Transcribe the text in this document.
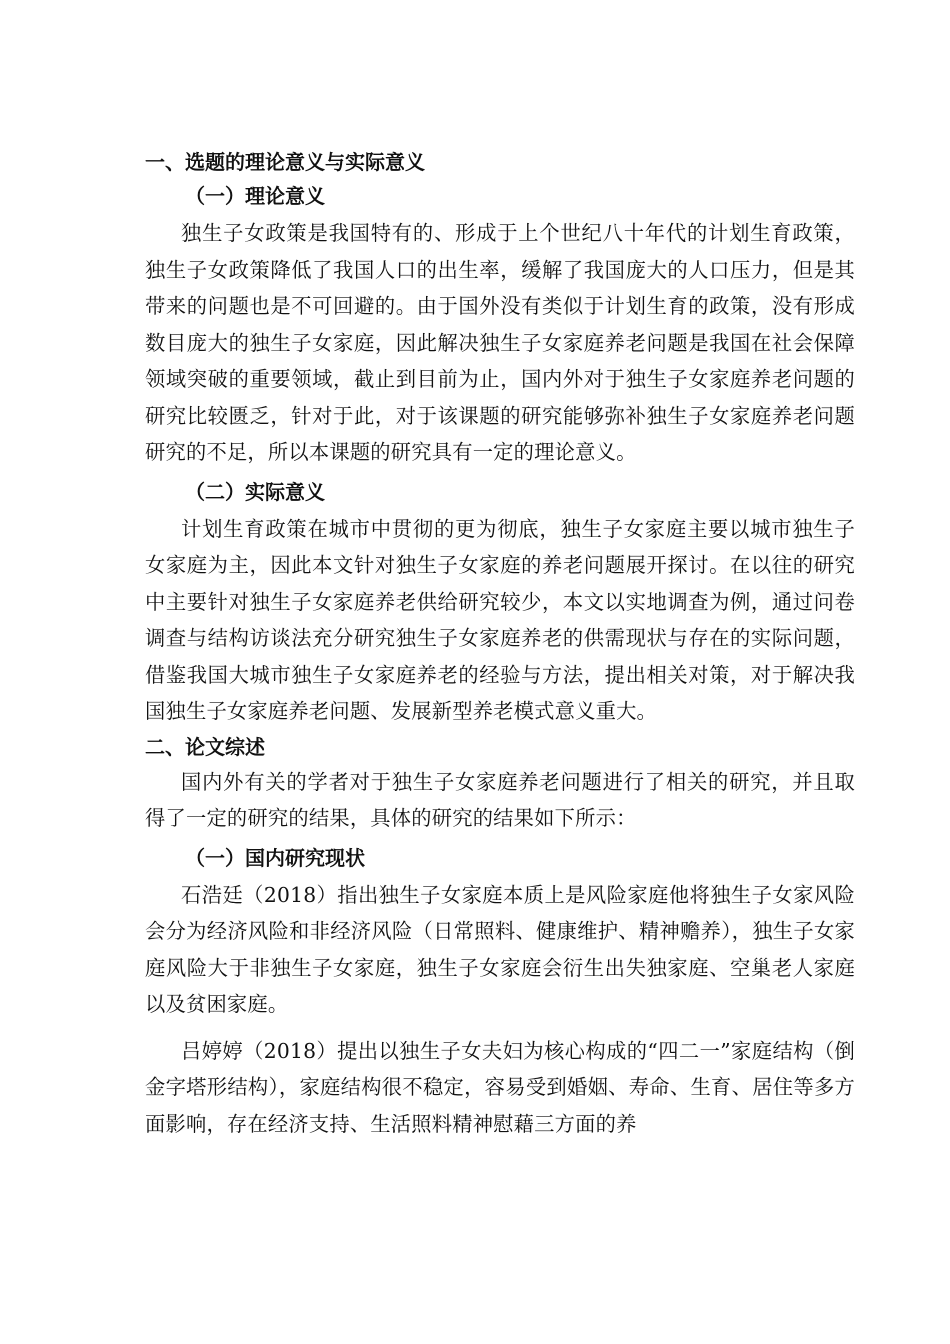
一、选题的理论意义与实际意义
（一）理论意义

独生子女政策是我国特有的、形成于上个世纪八十年代的计划生育政策，独生子女政策降低了我国人口的出生率，缓解了我国庞大的人口压力，但是其带来的问题也是不可回避的。由于国外没有类似于计划生育的政策，没有形成数目庞大的独生子女家庭，因此解决独生子女家庭养老问题是我国在社会保障领域突破的重要领域，截止到目前为止，国内外对于独生子女家庭养老问题的研究比较匮乏，针对于此，对于该课题的研究能够弥补独生子女家庭养老问题研究的不足，所以本课题的研究具有一定的理论意义。

（二）实际意义

计划生育政策在城市中贯彻的更为彻底，独生子女家庭主要以城市独生子女家庭为主，因此本文针对独生子女家庭的养老问题展开探讨。在以往的研究中主要针对独生子女家庭养老供给研究较少，本文以实地调查为例，通过问卷调查与结构访谈法充分研究独生子女家庭养老的供需现状与存在的实际问题，借鉴我国大城市独生子女家庭养老的经验与方法，提出相关对策，对于解决我国独生子女家庭养老问题、发展新型养老模式意义重大。

二、论文综述

国内外有关的学者对于独生子女家庭养老问题进行了相关的研究，并且取得了一定的研究的结果，具体的研究的结果如下所示：

（一）国内研究现状

石浩廷（2018）指出独生子女家庭本质上是风险家庭他将独生子女家风险会分为经济风险和非经济风险（日常照料、健康维护、精神赡养），独生子女家庭风险大于非独生子女家庭，独生子女家庭会衍生出失独家庭、空巢老人家庭以及贫困家庭。

吕婷婷（2018）提出以独生子女夫妇为核心构成的“四二一”家庭结构（倒金字塔形结构），家庭结构很不稳定，容易受到婚姻、寿命、生育、居住等多方面影响，存在经济支持、生活照料精神慰藉三方面的养
